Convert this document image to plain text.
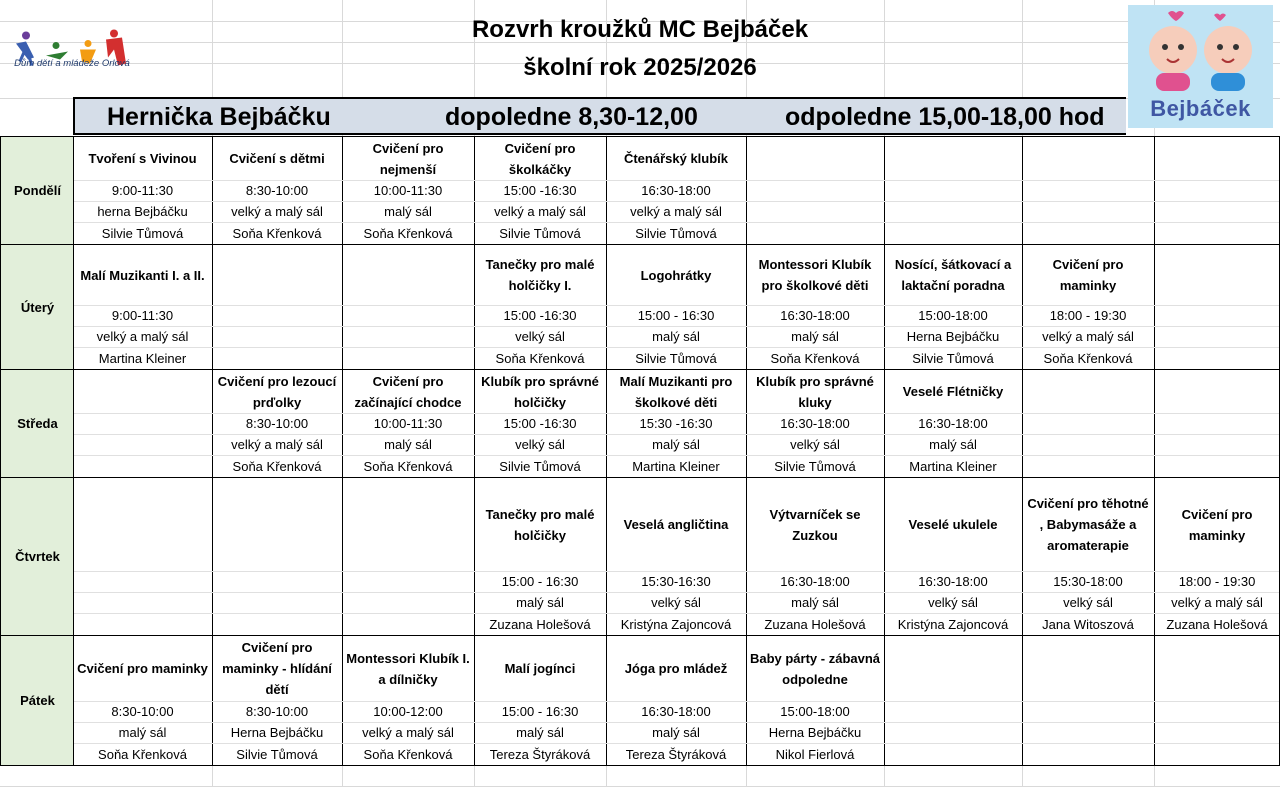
Dům dětí a mládeže Orlová
Rozvrh kroužků MC Bejbáček
školní rok 2025/2026
Bejbáček
Hernička Bejbáčku	dopoledne 8,30-12,00	odpoledne 15,00-18,00 hod
Pondělí
Tvoření s Vivinou
9:00-11:30
herna Bejbáčku
Silvie Tůmová
Cvičení s dětmi
8:30-10:00
velký a malý sál
Soňa Křenková
Cvičení pro nejmenší
10:00-11:30
malý sál
Soňa Křenková
Cvičení pro školkáčky
15:00 -16:30
velký a malý sál
Silvie Tůmová
Čtenářský klubík
16:30-18:00
velký a malý sál
Silvie Tůmová
Úterý
Malí Muzikanti I. a II.
9:00-11:30
velký a malý sál
Martina Kleiner
Tanečky pro malé holčičky I.
15:00 -16:30
velký sál
Soňa Křenková
Logohrátky
15:00 - 16:30
malý sál
Silvie Tůmová
Montessori Klubík pro školkové děti
16:30-18:00
malý sál
Soňa Křenková
Nosící, šátkovací a laktační poradna
15:00-18:00
Herna Bejbáčku
Silvie Tůmová
Cvičení pro maminky
18:00 - 19:30
velký a malý sál
Soňa Křenková
Středa
Cvičení pro lezoucí prďolky
8:30-10:00
velký a malý sál
Soňa Křenková
Cvičení pro začínající chodce
10:00-11:30
malý sál
Soňa Křenková
Klubík pro správné holčičky
15:00 -16:30
velký sál
Silvie Tůmová
Malí Muzikanti pro školkové děti
15:30 -16:30
malý sál
Martina Kleiner
Klubík pro správné kluky
16:30-18:00
velký sál
Silvie Tůmová
Veselé Flétničky
16:30-18:00
malý sál
Martina Kleiner
Čtvrtek
Tanečky pro malé holčičky
15:00 - 16:30
malý sál
Zuzana Holešová
Veselá angličtina
15:30-16:30
velký sál
Kristýna Zajoncová
Výtvarníček se Zuzkou
16:30-18:00
malý sál
Zuzana Holešová
Veselé ukulele
16:30-18:00
velký sál
Kristýna Zajoncová
Cvičení pro těhotné , Babymasáže a aromaterapie
15:30-18:00
velký sál
Jana Witoszová
Cvičení pro maminky
18:00 - 19:30
velký a malý sál
Zuzana Holešová
Pátek
Cvičení pro maminky
8:30-10:00
malý sál
Soňa Křenková
Cvičení pro maminky - hlídání dětí
8:30-10:00
Herna Bejbáčku
Silvie Tůmová
Montessori Klubík I. a dílničky
10:00-12:00
velký a malý sál
Soňa Křenková
Malí jogínci
15:00 - 16:30
malý sál
Tereza Štyráková
Jóga pro mládež
16:30-18:00
malý sál
Tereza Štyráková
Baby párty - zábavná odpoledne
15:00-18:00
Herna Bejbáčku
Nikol Fierlová
